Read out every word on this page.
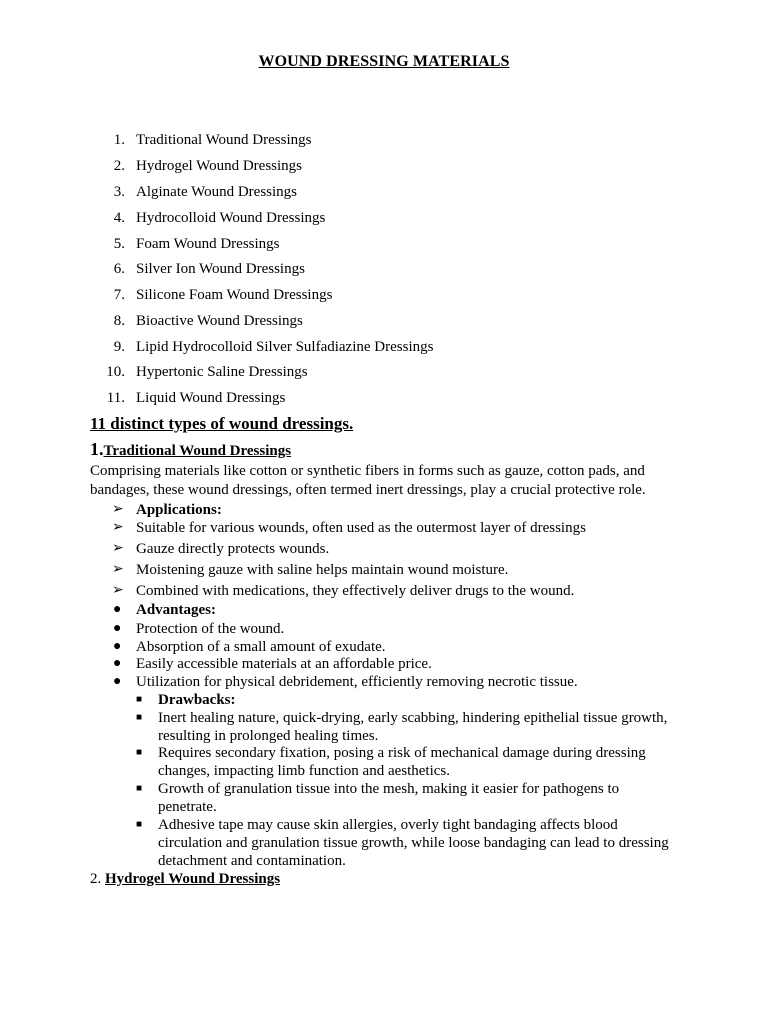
WOUND DRESSING MATERIALS
1. Traditional Wound Dressings
2. Hydrogel Wound Dressings
3. Alginate Wound Dressings
4. Hydrocolloid Wound Dressings
5. Foam Wound Dressings
6. Silver Ion Wound Dressings
7. Silicone Foam Wound Dressings
8. Bioactive Wound Dressings
9. Lipid Hydrocolloid Silver Sulfadiazine Dressings
10. Hypertonic Saline Dressings
11. Liquid Wound Dressings
11 distinct types of wound dressings.
1.Traditional Wound Dressings
Comprising materials like cotton or synthetic fibers in forms such as gauze, cotton pads, and bandages, these wound dressings, often termed inert dressings, play a crucial protective role.
➢ Applications:
➢ Suitable for various wounds, often used as the outermost layer of dressings
➢ Gauze directly protects wounds.
➢ Moistening gauze with saline helps maintain wound moisture.
➢ Combined with medications, they effectively deliver drugs to the wound.
● Advantages:
● Protection of the wound.
● Absorption of a small amount of exudate.
● Easily accessible materials at an affordable price.
● Utilization for physical debridement, efficiently removing necrotic tissue.
■ Drawbacks:
■ Inert healing nature, quick-drying, early scabbing, hindering epithelial tissue growth, resulting in prolonged healing times.
■ Requires secondary fixation, posing a risk of mechanical damage during dressing changes, impacting limb function and aesthetics.
■ Growth of granulation tissue into the mesh, making it easier for pathogens to penetrate.
■ Adhesive tape may cause skin allergies, overly tight bandaging affects blood circulation and granulation tissue growth, while loose bandaging can lead to dressing detachment and contamination.
2. Hydrogel Wound Dressings
